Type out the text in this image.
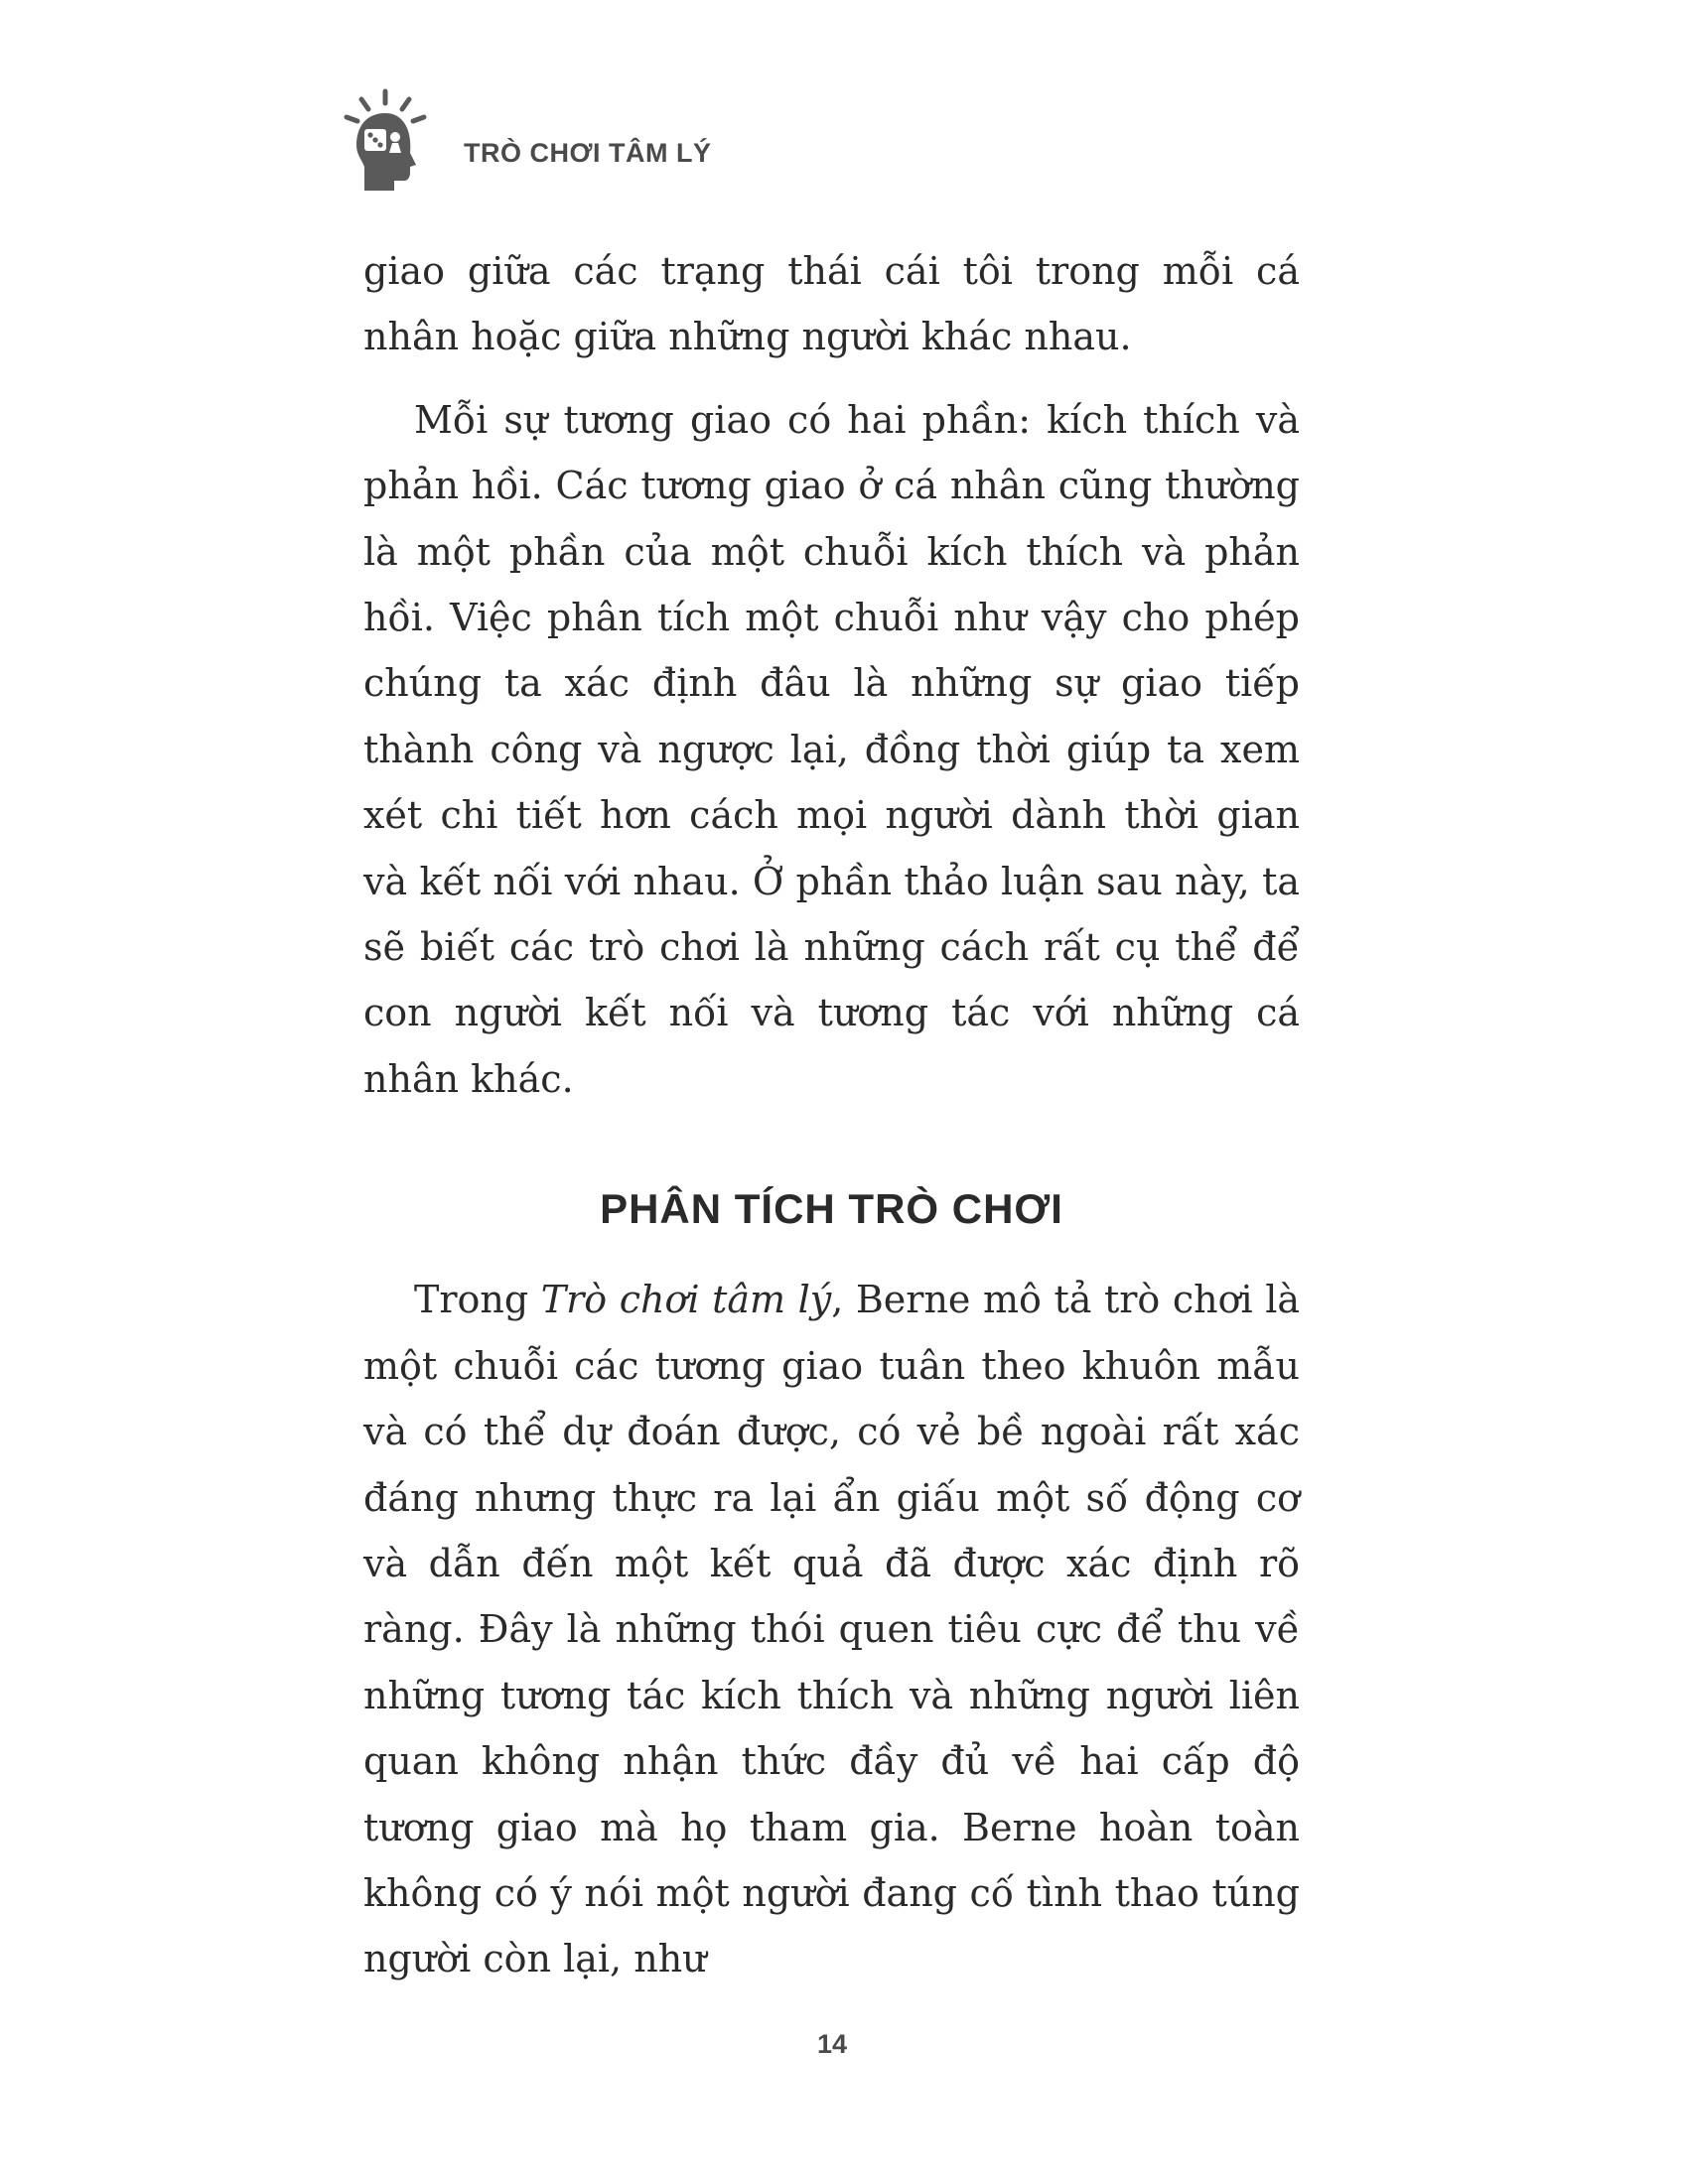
TRÒ CHƠI TÂM LÝ

giao giữa các trạng thái cái tôi trong mỗi cá nhân hoặc giữa những người khác nhau.

Mỗi sự tương giao có hai phần: kích thích và phản hồi. Các tương giao ở cá nhân cũng thường là một phần của một chuỗi kích thích và phản hồi. Việc phân tích một chuỗi như vậy cho phép chúng ta xác định đâu là những sự giao tiếp thành công và ngược lại, đồng thời giúp ta xem xét chi tiết hơn cách mọi người dành thời gian và kết nối với nhau. Ở phần thảo luận sau này, ta sẽ biết các trò chơi là những cách rất cụ thể để con người kết nối và tương tác với những cá nhân khác.

PHÂN TÍCH TRÒ CHƠI

Trong Trò chơi tâm lý, Berne mô tả trò chơi là một chuỗi các tương giao tuân theo khuôn mẫu và có thể dự đoán được, có vẻ bề ngoài rất xác đáng nhưng thực ra lại ẩn giấu một số động cơ và dẫn đến một kết quả đã được xác định rõ ràng. Đây là những thói quen tiêu cực để thu về những tương tác kích thích và những người liên quan không nhận thức đầy đủ về hai cấp độ tương giao mà họ tham gia. Berne hoàn toàn không có ý nói một người đang cố tình thao túng người còn lại, như

14
